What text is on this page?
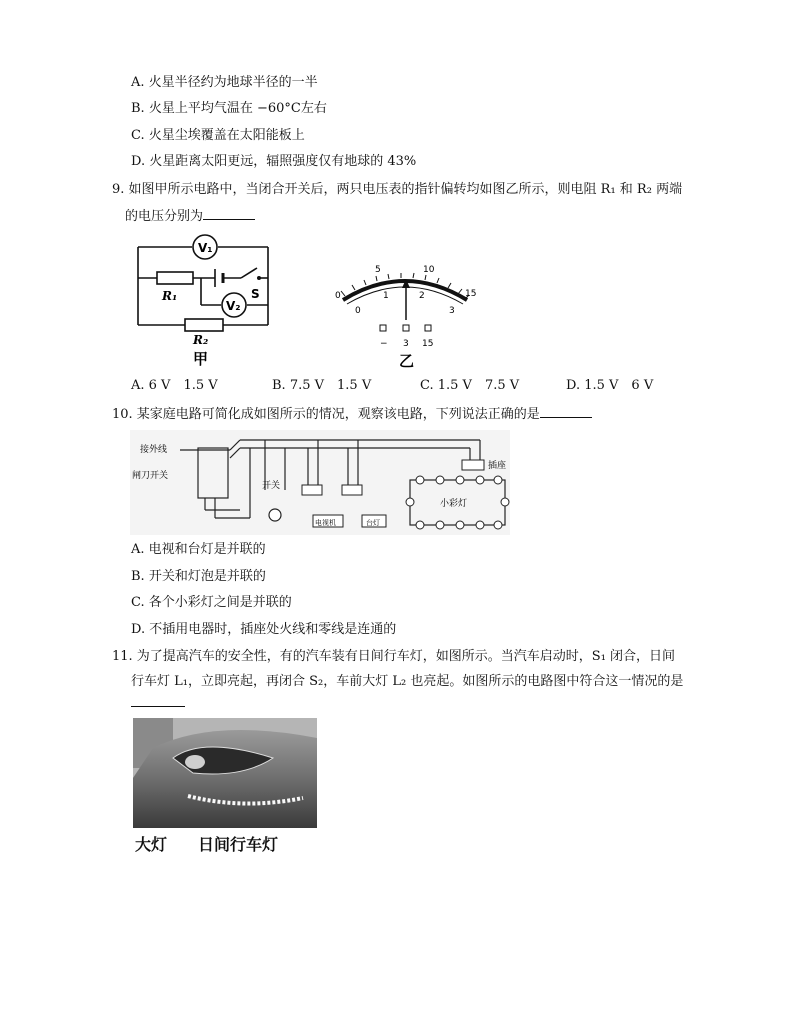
A. 火星半径约为地球半径的一半
B. 火星上平均气温在 −60°C左右
C. 火星尘埃覆盖在太阳能板上
D. 火星距离太阳更远，辐照强度仅有地球的 43%
9. 如图甲所示电路中，当闭合开关后，两只电压表的指针偏转均如图乙所示，则电阻 R₁ 和 R₂ 两端
的电压分别为
V₁
R₁	S
V₂
R₂
甲
0
5	10
15
0
1	2
3
− 3 15
乙
A. 6 V　1.5 V	B. 7.5 V　1.5 V	C. 1.5 V　7.5 V	D. 1.5 V　6 V
10. 某家庭电路可简化成如图所示的情况，观察该电路，下列说法正确的是
接外线
闸刀开关
开关
插座
小彩灯
电视机	台灯
A. 电视和台灯是并联的
B. 开关和灯泡是并联的
C. 各个小彩灯之间是并联的
D. 不插用电器时，插座处火线和零线是连通的
11. 为了提高汽车的安全性，有的汽车装有日间行车灯，如图所示。当汽车启动时，S₁ 闭合，日间
行车灯 L₁，立即亮起，再闭合 S₂，车前大灯 L₂ 也亮起。如图所示的电路图中符合这一情况的是
大灯 日间行车灯
